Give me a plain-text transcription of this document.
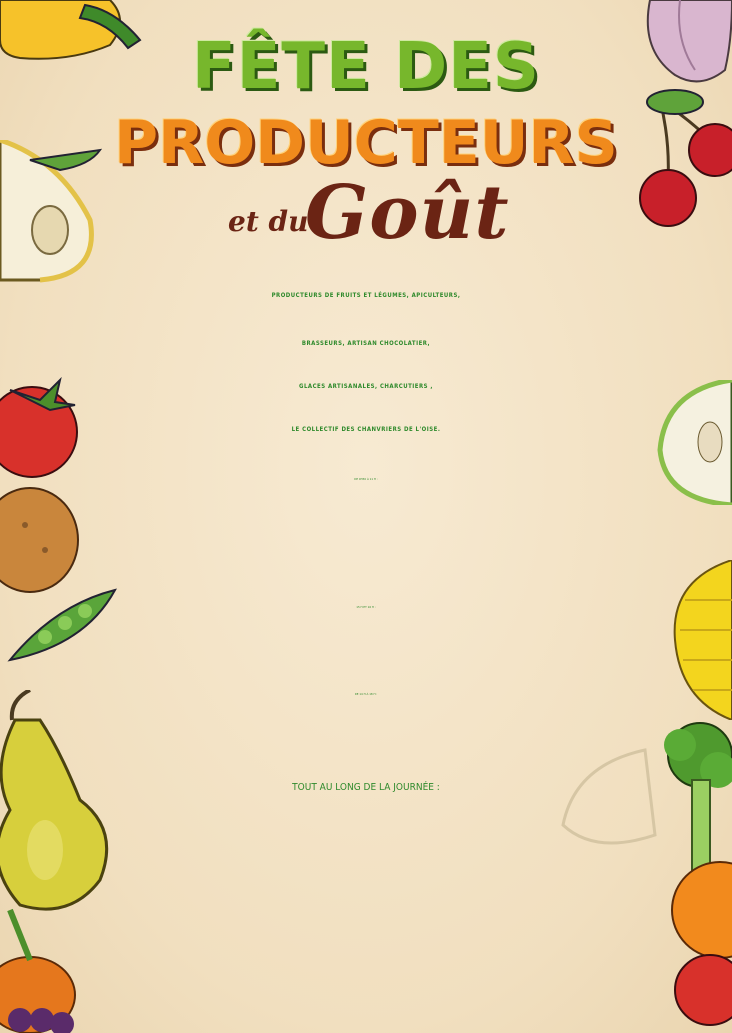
FÊTE DES
PRODUCTEURS
et du
Goût
PRODUCTEURS DE FRUITS ET LÉGUMES, APICULTEURS,
BRASSEURS, ARTISAN CHOCOLATIER,
GLACES ARTISANALES, CHARCUTIERS ,
LE COLLECTIF DES CHANVRIERS DE L'OISE.
DE 9H30 À 11 H :
15 H ET 16 H :
DE 14 H À 18 H :
TOUT AU LONG DE LA JOURNÉE :
